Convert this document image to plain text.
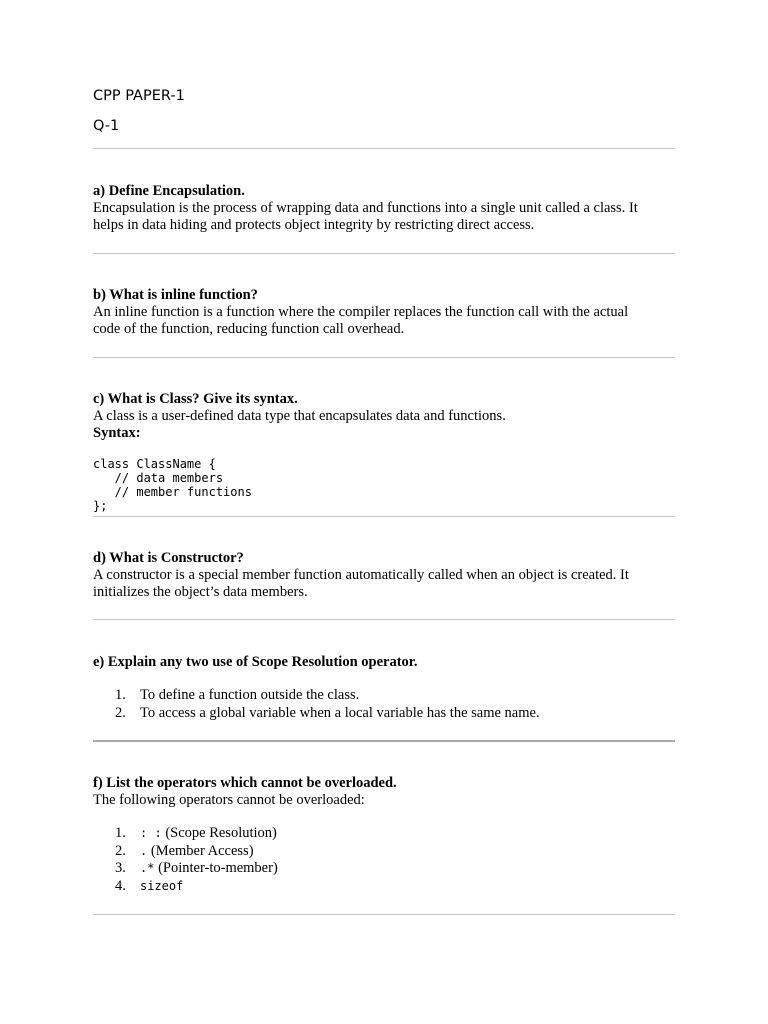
CPP PAPER-1
Q-1

a) Define Encapsulation.

Encapsulation is the process of wrapping data and functions into a single unit called a class. It

helps in data hiding and protects object integrity by restricting direct access.

b) What is inline function?

An inline function is a function where the compiler replaces the function call with the actual

code of the function, reducing function call overhead.

c) What is Class? Give its syntax.

A class is a user-defined data type that encapsulates data and functions.

Syntax:

class ClassName {
// data members
// member functions
};

d) What is Constructor?

A constructor is a special member function automatically called when an object is created. It

initializes the object’s data members.

e) Explain any two use of Scope Resolution operator.

1. To define a function outside the class.
2. To access a global variable when a local variable has the same name.

f) List the operators which cannot be overloaded.

The following operators cannot be overloaded:

1. : : (Scope Resolution)
2. . (Member Access)
3. .* (Pointer-to-member)
4. sizeof
